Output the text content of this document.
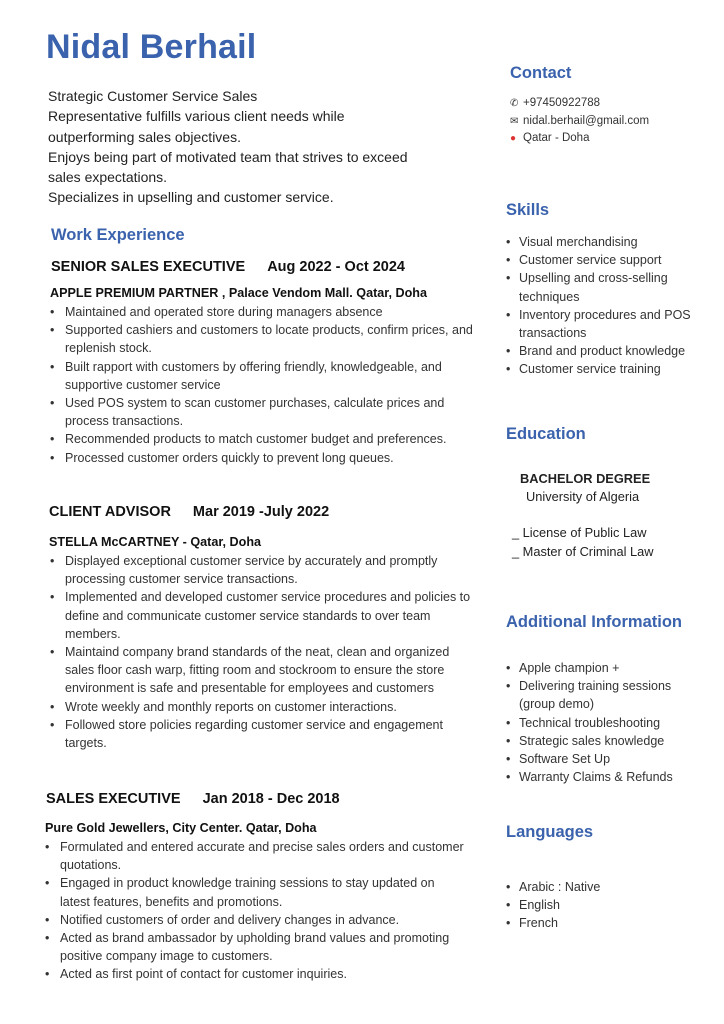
Nidal Berhail
Strategic Customer Service Sales
Representative fulfills various client needs while
outperforming sales objectives.
Enjoys being part of motivated team that strives to exceed
sales expectations.
Specializes in upselling and customer service.
Work Experience
SENIOR SALES EXECUTIVE Aug 2022 - Oct 2024
APPLE PREMIUM PARTNER , Palace Vendom Mall. Qatar, Doha
• Maintained and operated store during managers absence
• Supported cashiers and customers to locate products, confirm prices, and replenish stock.
• Built rapport with customers by offering friendly, knowledgeable, and supportive customer service
• Used POS system to scan customer purchases, calculate prices and process transactions.
• Recommended products to match customer budget and preferences.
• Processed customer orders quickly to prevent long queues.
CLIENT ADVISOR Mar 2019 -July 2022
STELLA McCARTNEY - Qatar, Doha
• Displayed exceptional customer service by accurately and promptly processing customer service transactions.
• Implemented and developed customer service procedures and policies to define and communicate customer service standards to over team members.
• Maintaind company brand standards of the neat, clean and organized sales floor cash warp, fitting room and stockroom to ensure the store environment is safe and presentable for employees and customers
• Wrote weekly and monthly reports on customer interactions.
• Followed store policies regarding customer service and engagement targets.
SALES EXECUTIVE Jan 2018 - Dec 2018
Pure Gold Jewellers, City Center. Qatar, Doha
• Formulated and entered accurate and precise sales orders and customer quotations.
• Engaged in product knowledge training sessions to stay updated on latest features, benefits and promotions.
• Notified customers of order and delivery changes in advance.
• Acted as brand ambassador by upholding brand values and promoting positive company image to customers.
• Acted as first point of contact for customer inquiries.
Contact
✆ +97450922788
✉ nidal.berhail@gmail.com
● Qatar - Doha
Skills
• Visual merchandising
• Customer service support
• Upselling and cross-selling techniques
• Inventory procedures and POS transactions
• Brand and product knowledge
• Customer service training
Education
BACHELOR DEGREE
University of Algeria
_ License of Public Law
_ Master of Criminal Law
Additional Information
• Apple champion +
• Delivering training sessions (group demo)
• Technical troubleshooting
• Strategic sales knowledge
• Software Set Up
• Warranty Claims & Refunds
Languages
• Arabic : Native
• English
• French
